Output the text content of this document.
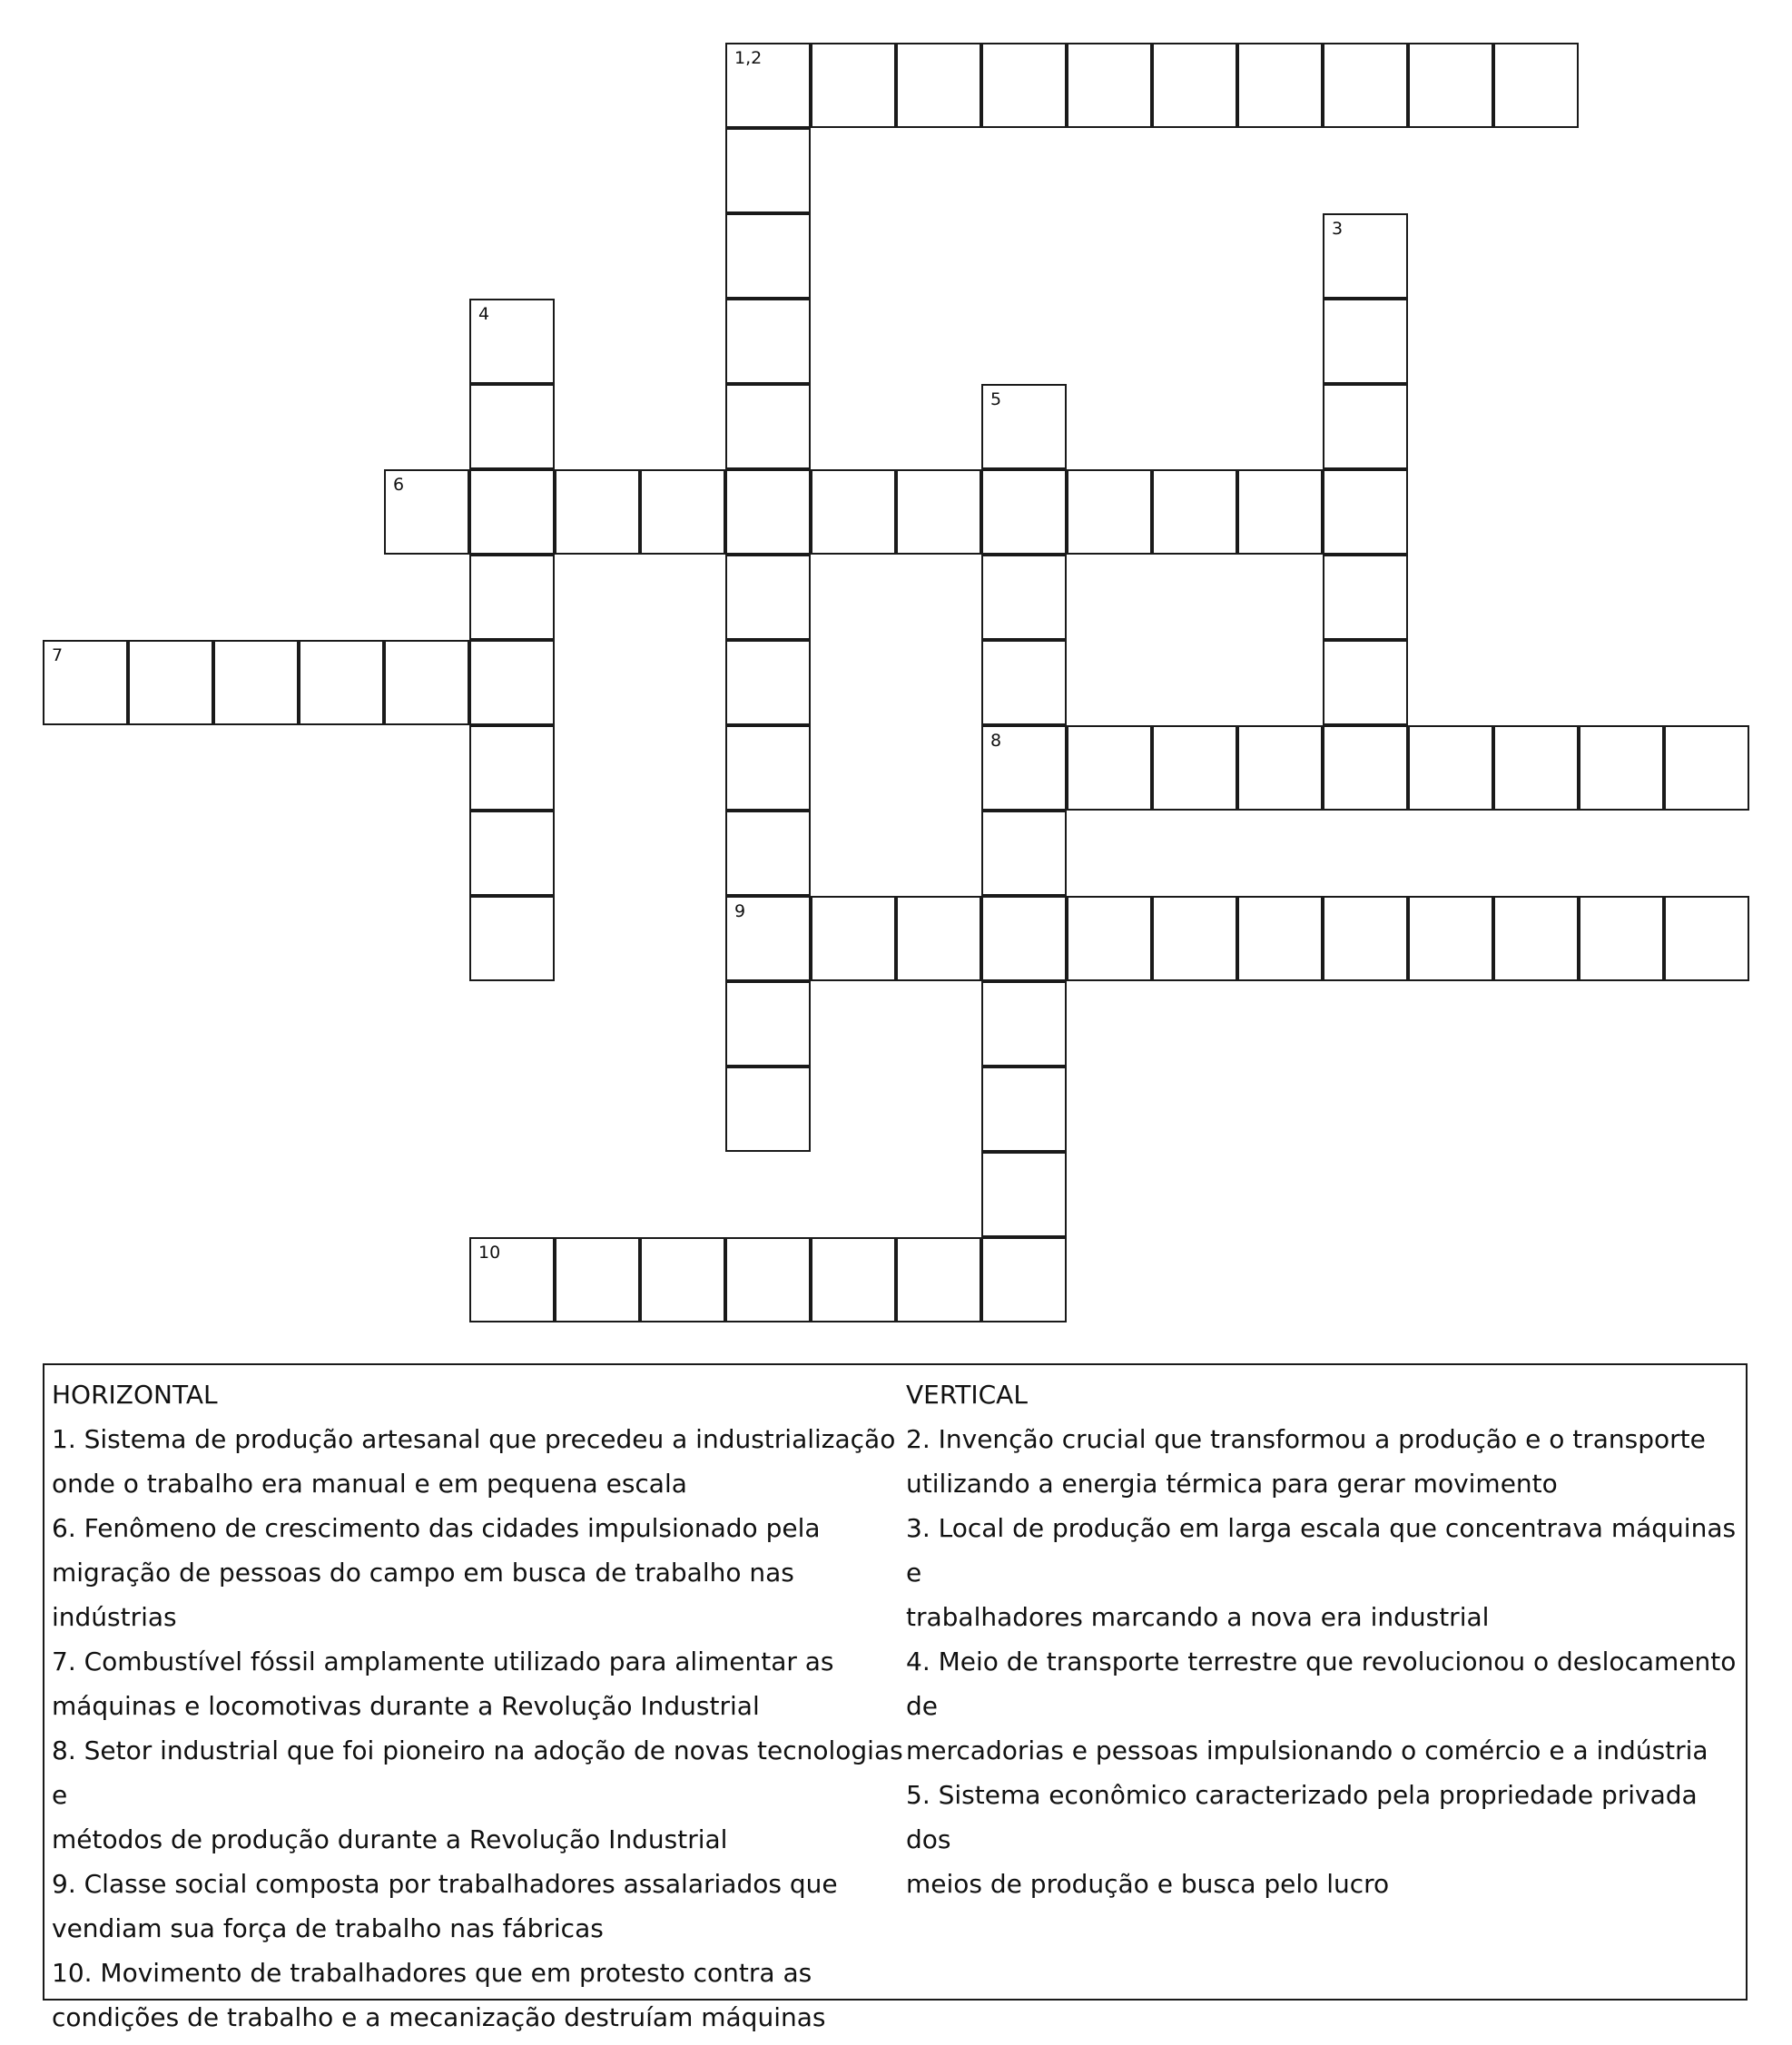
1,2
9
3
4
5
8
6
7
10
HORIZONTAL
1. Sistema de produção artesanal que precedeu a industrialização
onde o trabalho era manual e em pequena escala
6. Fenômeno de crescimento das cidades impulsionado pela
migração de pessoas do campo em busca de trabalho nas indústrias
7. Combustível fóssil amplamente utilizado para alimentar as
máquinas e locomotivas durante a Revolução Industrial
8. Setor industrial que foi pioneiro na adoção de novas tecnologias e
métodos de produção durante a Revolução Industrial
9. Classe social composta por trabalhadores assalariados que
vendiam sua força de trabalho nas fábricas
10. Movimento de trabalhadores que em protesto contra as
condições de trabalho e a mecanização destruíam máquinas
VERTICAL
2. Invenção crucial que transformou a produção e o transporte
utilizando a energia térmica para gerar movimento
3. Local de produção em larga escala que concentrava máquinas e
trabalhadores marcando a nova era industrial
4. Meio de transporte terrestre que revolucionou o deslocamento de
mercadorias e pessoas impulsionando o comércio e a indústria
5. Sistema econômico caracterizado pela propriedade privada dos
meios de produção e busca pelo lucro
